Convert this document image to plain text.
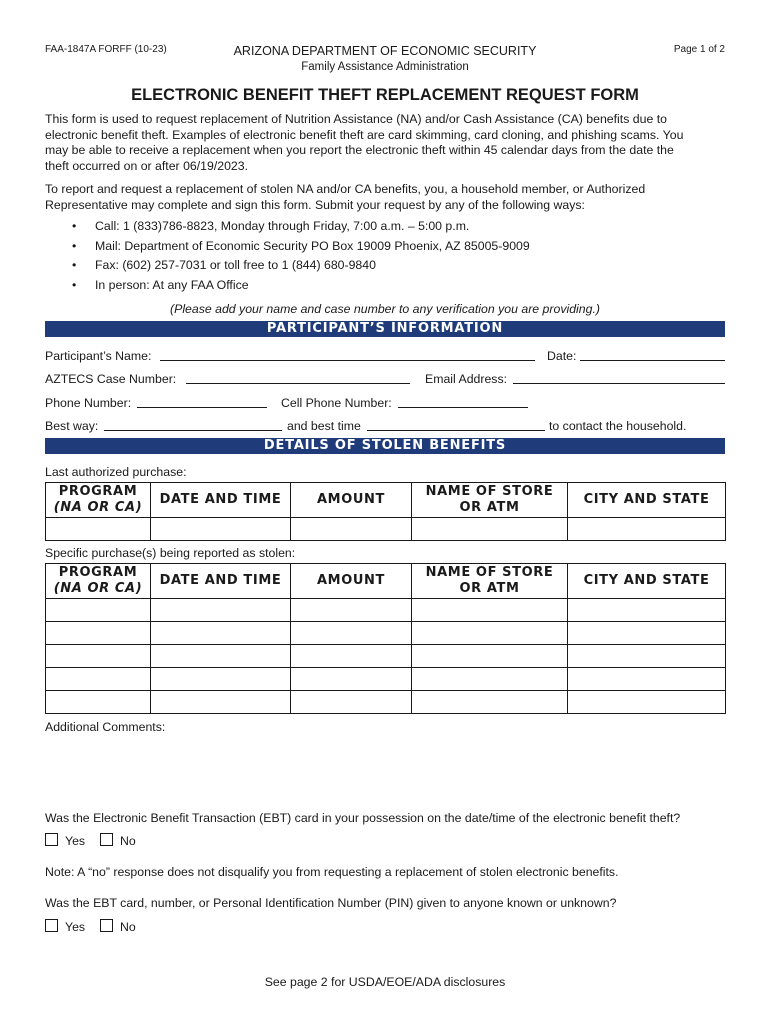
FAA-1847A FORFF (10-23)	ARIZONA DEPARTMENT OF ECONOMIC SECURITY
Family Assistance Administration
Page 1 of 2
ELECTRONIC BENEFIT THEFT REPLACEMENT REQUEST FORM
This form is used to request replacement of Nutrition Assistance (NA) and/or Cash Assistance (CA) benefits due to
electronic benefit theft. Examples of electronic benefit theft are card skimming, card cloning, and phishing scams. You
may be able to receive a replacement when you report the electronic theft within 45 calendar days from the date the
theft occurred on or after 06/19/2023.
To report and request a replacement of stolen NA and/or CA benefits, you, a household member, or Authorized
Representative may complete and sign this form. Submit your request by any of the following ways:
• Call: 1 (833)786-8823, Monday through Friday, 7:00 a.m. – 5:00 p.m.
• Mail: Department of Economic Security PO Box 19009 Phoenix, AZ 85005-9009
• Fax: (602) 257-7031 or toll free to 1 (844) 680-9840
• In person: At any FAA Office
(Please add your name and case number to any verification you are providing.)
PARTICIPANT’S INFORMATION
Participant’s Name:	Date:
AZTECS Case Number:	Email Address:
Phone Number:	Cell Phone Number:
Best way:	and best time	to contact the household.
DETAILS OF STOLEN BENEFITS
Last authorized purchase:
PROGRAM
(NA OR CA)	DATE AND TIME	AMOUNT	NAME OF STORE
OR ATM	CITY AND STATE

Specific purchase(s) being reported as stolen:
PROGRAM
(NA OR CA)	DATE AND TIME	AMOUNT	NAME OF STORE
OR ATM	CITY AND STATE

Additional Comments:
Was the Electronic Benefit Transaction (EBT) card in your possession on the date/time of the electronic benefit theft?
Yes	No
Note: A “no” response does not disqualify you from requesting a replacement of stolen electronic benefits.
Was the EBT card, number, or Personal Identification Number (PIN) given to anyone known or unknown?
Yes	No
See page 2 for USDA/EOE/ADA disclosures
